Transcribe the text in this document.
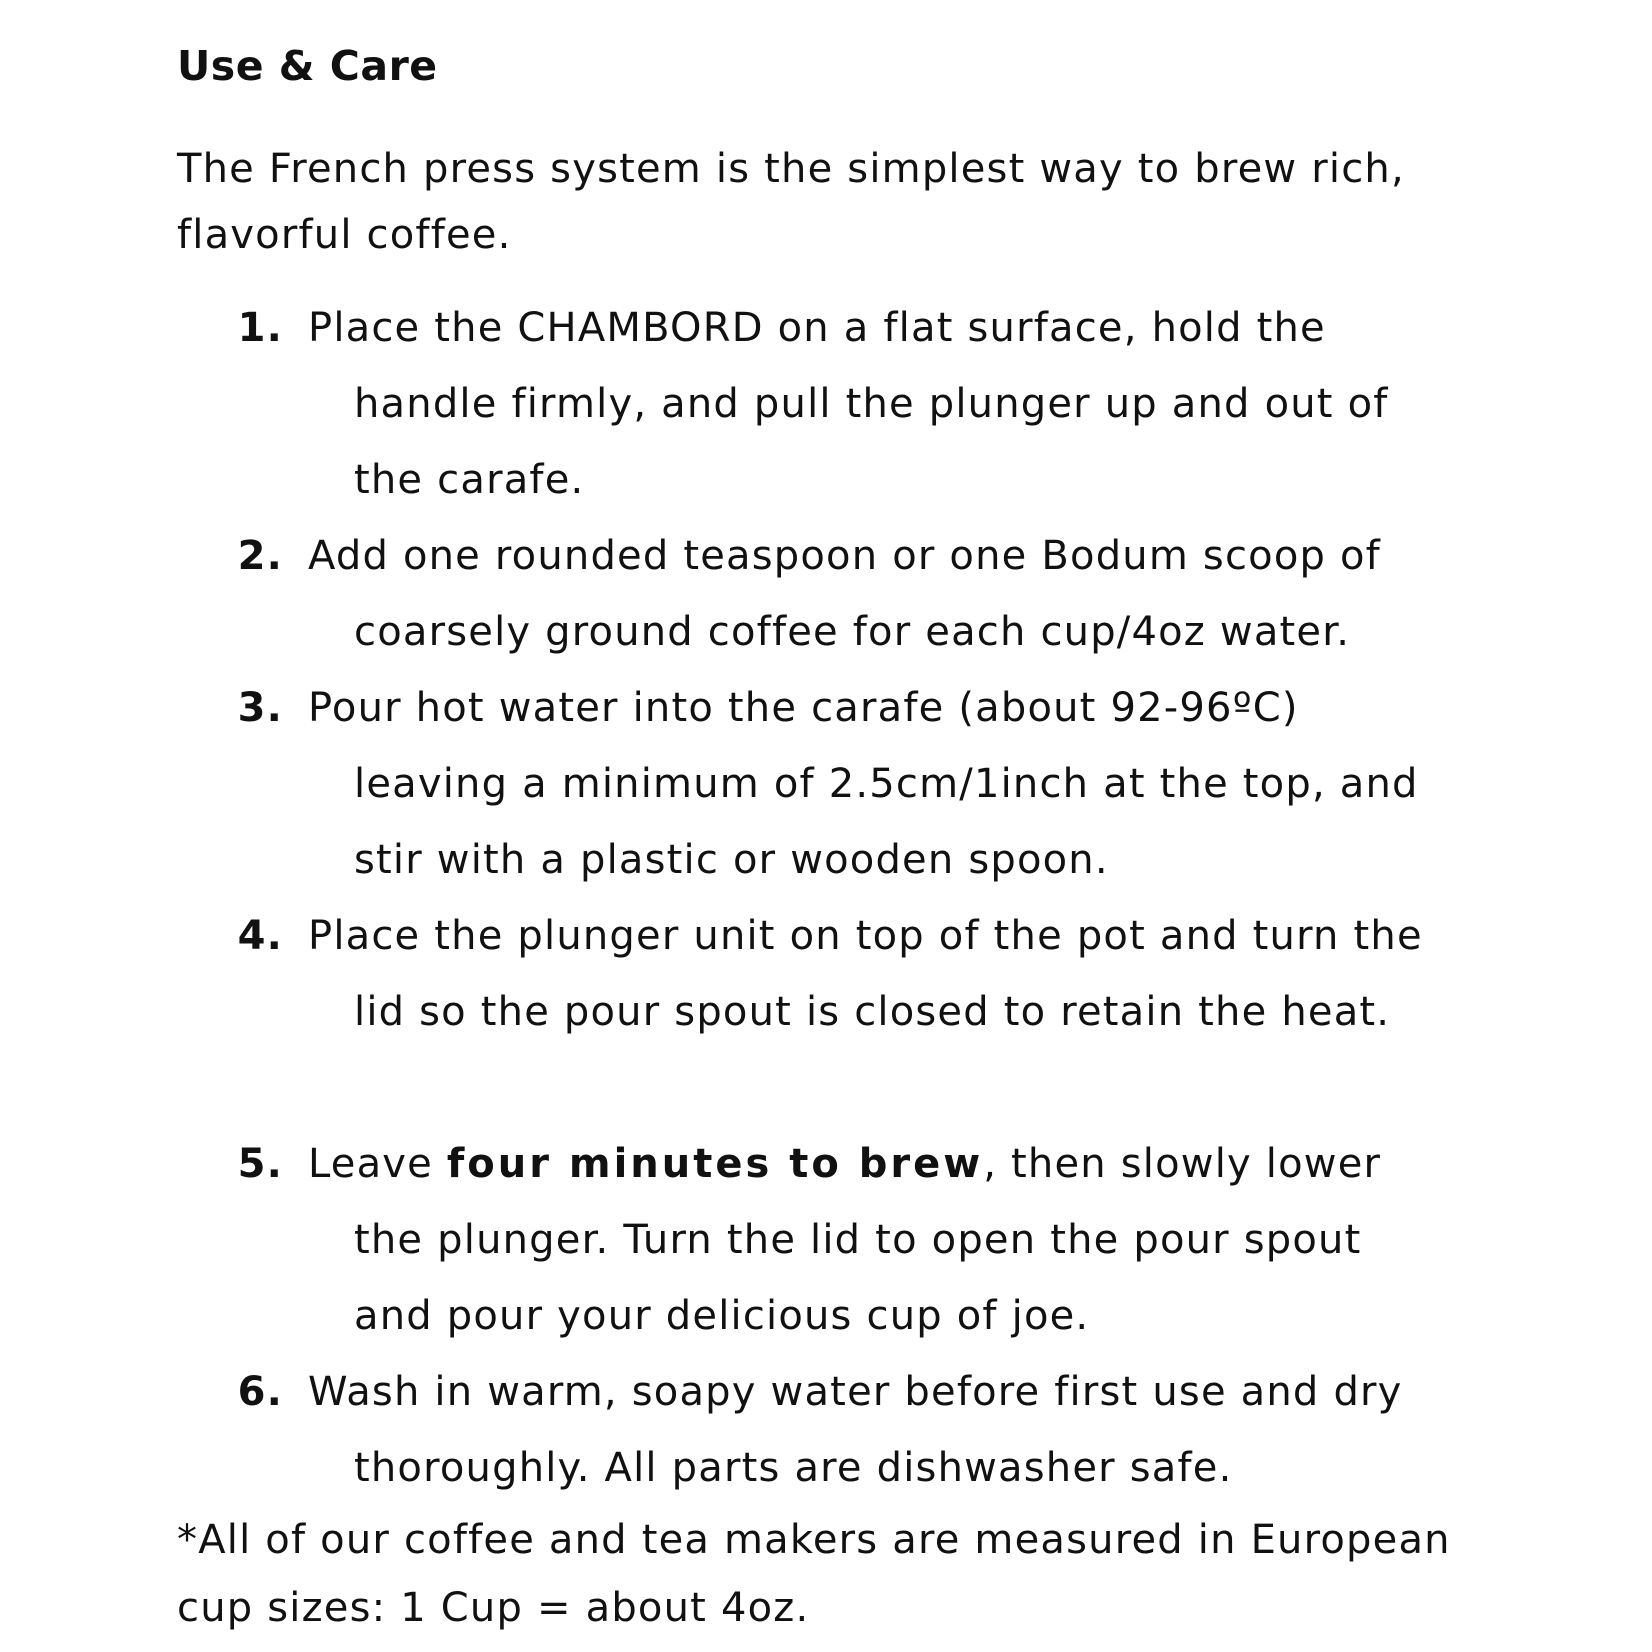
Use & Care

The French press system is the simplest way to brew rich, flavorful coffee.

1. Place the CHAMBORD on a flat surface, hold the handle firmly, and pull the plunger up and out of the carafe.
2. Add one rounded teaspoon or one Bodum scoop of coarsely ground coffee for each cup/4oz water.
3. Pour hot water into the carafe (about 92-96ºC) leaving a minimum of 2.5cm/1inch at the top, and stir with a plastic or wooden spoon.
4. Place the plunger unit on top of the pot and turn the lid so the pour spout is closed to retain the heat.
5. Leave four minutes to brew, then slowly lower the plunger. Turn the lid to open the pour spout and pour your delicious cup of joe.
6. Wash in warm, soapy water before first use and dry thoroughly. All parts are dishwasher safe.

*All of our coffee and tea makers are measured in European cup sizes: 1 Cup = about 4oz.
